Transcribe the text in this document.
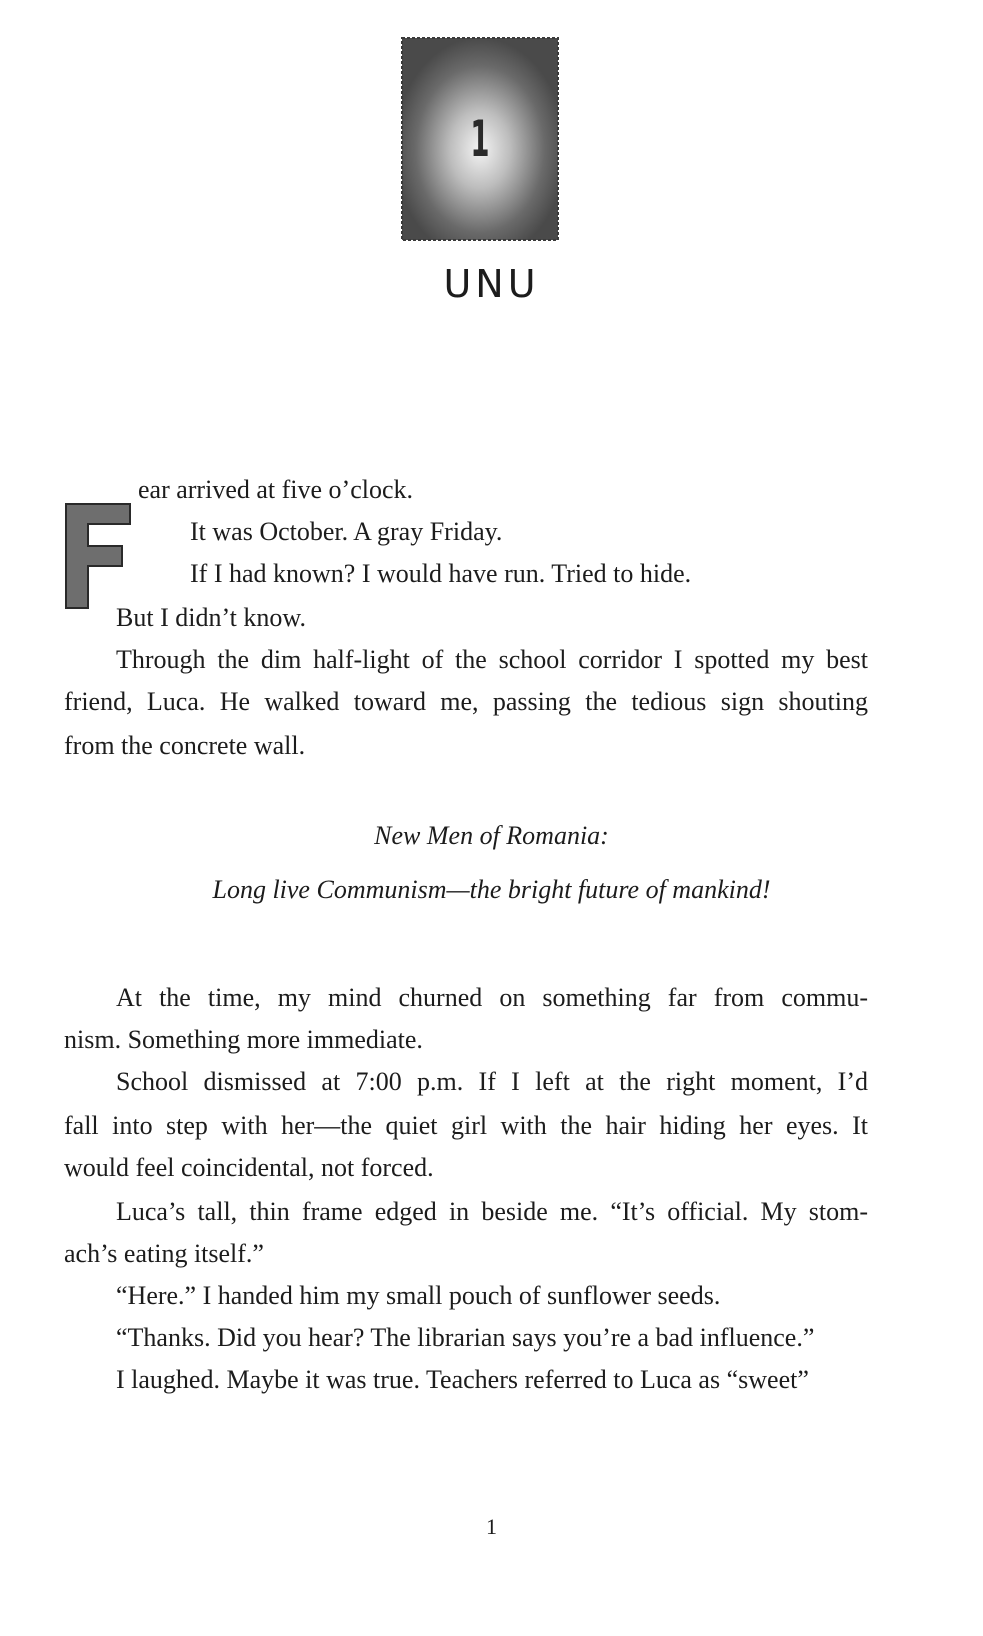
1
UNU
ear arrived at five o’clock.
It was October. A gray Friday.
If I had known? I would have run. Tried to hide.
But I didn’t know.
Through the dim half-light of the school corridor I spotted my best
friend, Luca. He walked toward me, passing the tedious sign shouting
from the concrete wall.
New Men of Romania:
Long live Communism—the bright future of mankind!
At the time, my mind churned on something far from commu-
nism. Something more immediate.
School dismissed at 7:00 p.m. If I left at the right moment, I’d
fall into step with her—the quiet girl with the hair hiding her eyes. It
would feel coincidental, not forced.
Luca’s tall, thin frame edged in beside me. “It’s official. My stom-
ach’s eating itself.”
“Here.” I handed him my small pouch of sunflower seeds.
“Thanks. Did you hear? The librarian says you’re a bad influence.”
I laughed. Maybe it was true. Teachers referred to Luca as “sweet”
1
